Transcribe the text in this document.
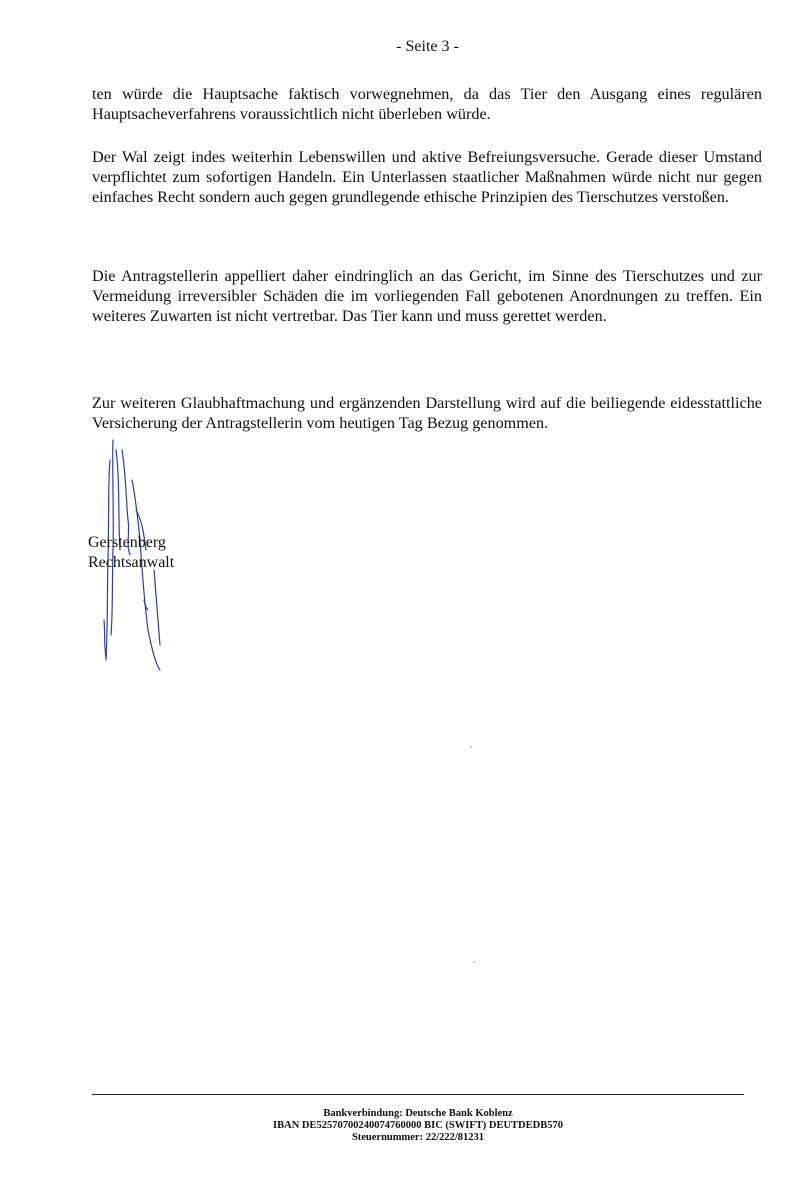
- Seite 3 -

ten würde die Hauptsache faktisch vorwegnehmen, da das Tier den Ausgang eines regulären Hauptsacheverfahrens voraussichtlich nicht überleben würde.

Der Wal zeigt indes weiterhin Lebenswillen und aktive Befreiungsversuche. Gerade dieser Umstand verpflichtet zum sofortigen Handeln. Ein Unterlassen staatlicher Maßnahmen würde nicht nur gegen einfaches Recht sondern auch gegen grundlegende ethische Prinzipien des Tierschutzes verstoßen.

Die Antragstellerin appelliert daher eindringlich an das Gericht, im Sinne des Tierschutzes und zur Vermeidung irreversibler Schäden die im vorliegenden Fall gebotenen Anordnungen zu treffen. Ein weiteres Zuwarten ist nicht vertretbar. Das Tier kann und muss gerettet werden.

Zur weiteren Glaubhaftmachung und ergänzenden Darstellung wird auf die beiliegende eidesstattliche Versicherung der Antragstellerin vom heutigen Tag Bezug genommen.

Gerstenberg
Rechtsanwalt
Bankverbindung: Deutsche Bank Koblenz
IBAN DE52570700240074760000 BIC (SWIFT) DEUTDEDB570
Steuernummer: 22/222/81231
